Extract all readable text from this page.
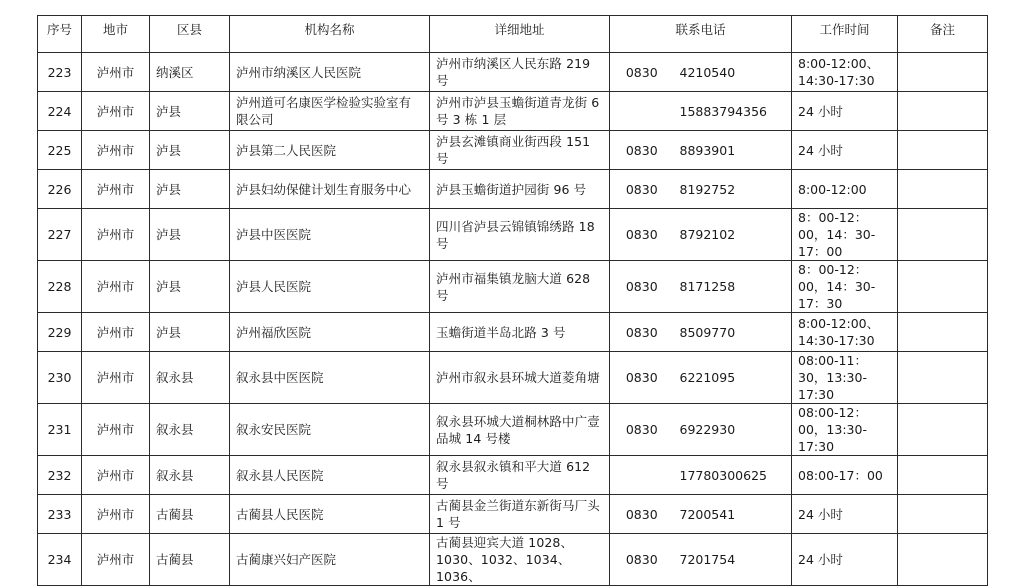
序号	地市	区县	机构名称	详细地址	联系电话		工作时间	备注
223	泸州市	纳溪区	泸州市纳溪区人民医院	泸州市纳溪区人民东路 219 号	0830	4210540	8:00-12:00、14:30-17:30	
224	泸州市	泸县	泸州道可名康医学检验实验室有限公司	泸州市泸县玉蟾街道青龙街 6 号 3 栋 1 层		15883794356	24 小时	
225	泸州市	泸县	泸县第二人民医院	泸县玄滩镇商业街西段 151 号	0830	8893901	24 小时	
226	泸州市	泸县	泸县妇幼保健计划生育服务中心	泸县玉蟾街道护园街 96 号	0830	8192752	8:00-12:00	
227	泸州市	泸县	泸县中医医院	四川省泸县云锦镇锦绣路 18 号	0830	8792102	8：00-12：00，14：30-17：00	
228	泸州市	泸县	泸县人民医院	泸州市福集镇龙脑大道 628 号	0830	8171258	8：00-12：00，14：30-17：30	
229	泸州市	泸县	泸州福欣医院	玉蟾街道半岛北路 3 号	0830	8509770	8:00-12:00、14:30-17:30	
230	泸州市	叙永县	叙永县中医医院	泸州市叙永县环城大道菱角塘	0830	6221095	08:00-11：30，13:30-17:30	
231	泸州市	叙永县	叙永安民医院	叙永县环城大道桐林路中广壹品城 14 号楼	0830	6922930	08:00-12：00，13:30-17:30	
232	泸州市	叙永县	叙永县人民医院	叙永县叙永镇和平大道 612 号		17780300625	08:00-17：00	
233	泸州市	古蔺县	古蔺县人民医院	古蔺县金兰街道东新街马厂头 1 号	0830	7200541	24 小时	
234	泸州市	古蔺县	古蔺康兴妇产医院	古蔺县迎宾大道 1028、1030、1032、1034、1036、	0830	7201754	24 小时	
